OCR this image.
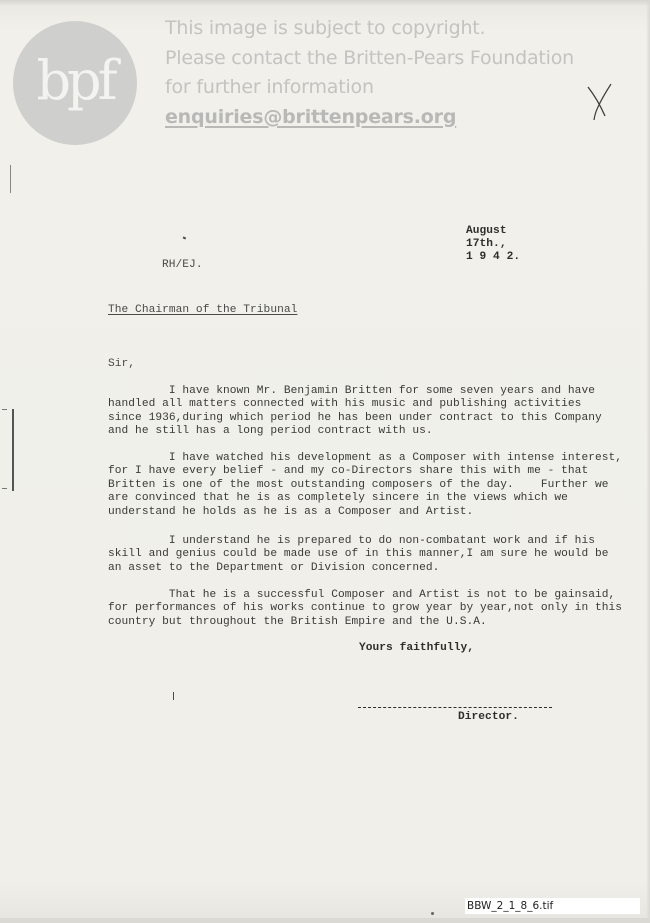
bpf
This image is subject to copyright.
Please contact the Britten-Pears Foundation
for further information
enquiries@brittenpears.org
August
17th.,
1 9 4 2.
RH/EJ.
The Chairman of the Tribunal
Sir,
I have known Mr. Benjamin Britten for some seven years and have
handled all matters connected with his music and publishing activities
since 1936,during which period he has been under contract to this Company
and he still has a long period contract with us.
I have watched his development as a Composer with intense interest,
for I have every belief - and my co-Directors share this with me - that
Britten is one of the most outstanding composers of the day.    Further we
are convinced that he is as completely sincere in the views which we
understand he holds as he is as a Composer and Artist.
I understand he is prepared to do non-combatant work and if his
skill and genius could be made use of in this manner,I am sure he would be
an asset to the Department or Division concerned.
That he is a successful Composer and Artist is not to be gainsaid,
for performances of his works continue to grow year by year,not only in this
country but throughout the British Empire and the U.S.A.
Yours faithfully,
Director.
BBW_2_1_8_6.tif
